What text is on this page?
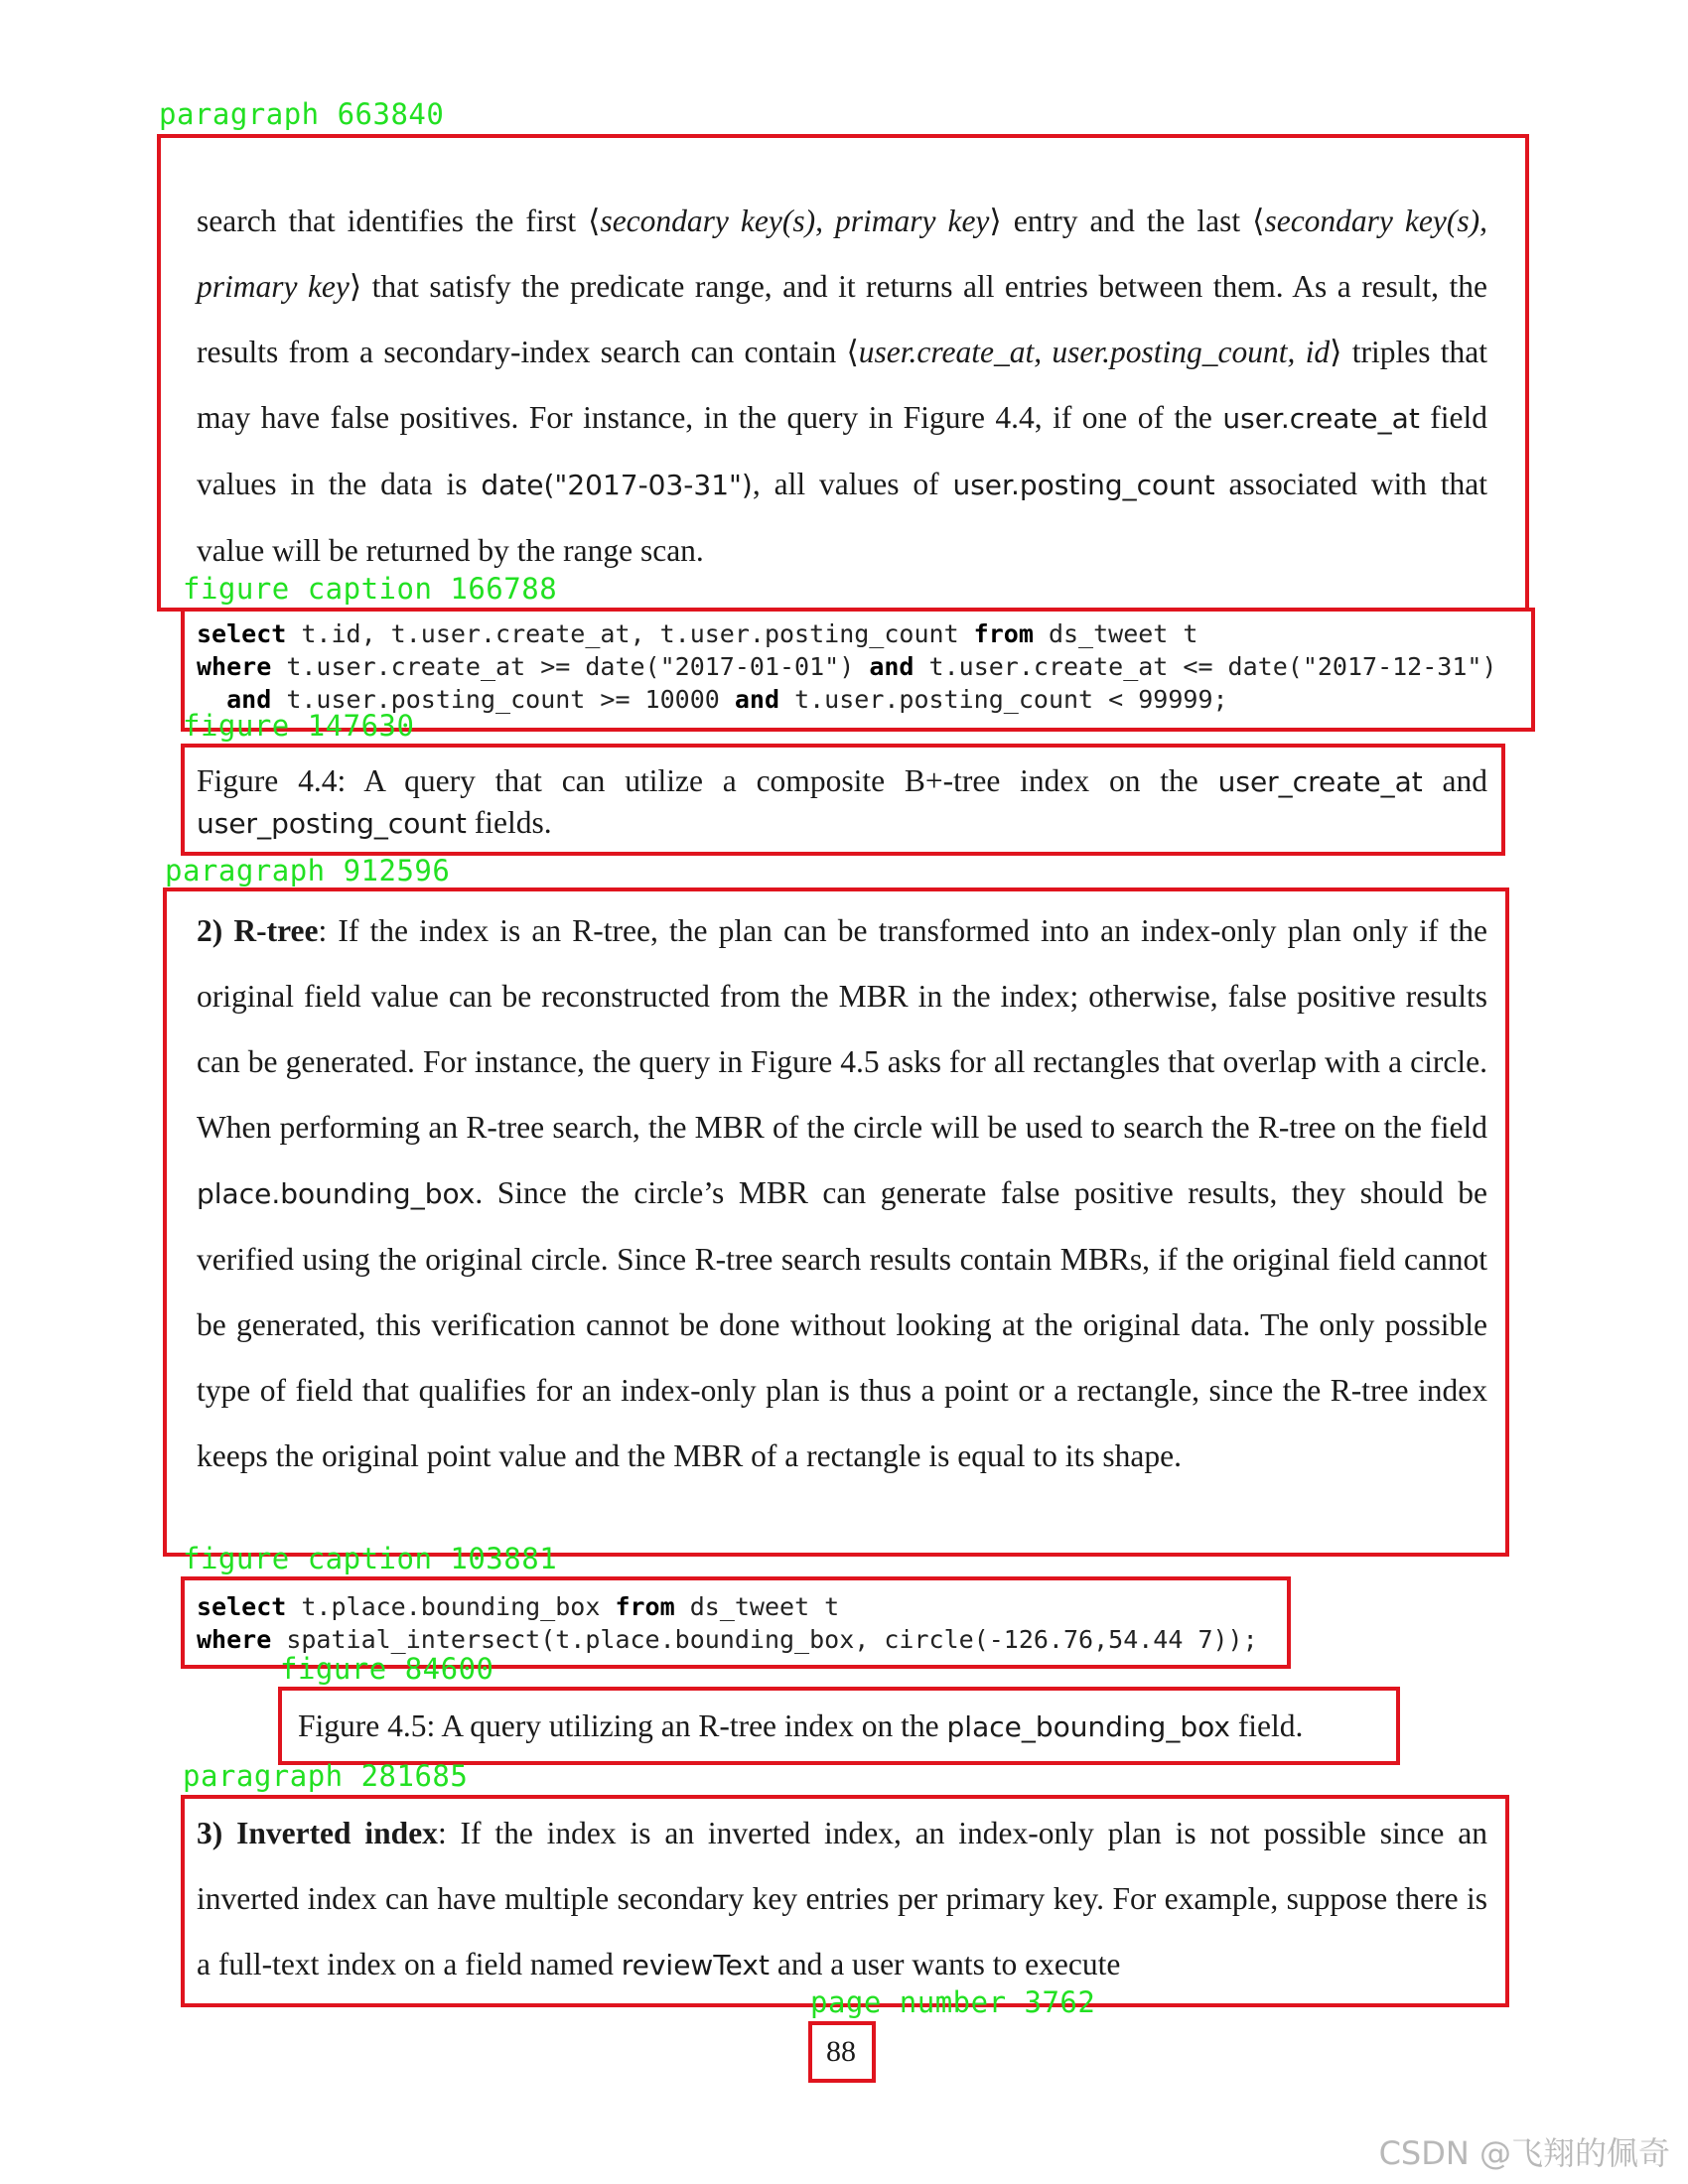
paragraph 663840

search that identifies the first ⟨secondary key(s), primary key⟩ entry and the last ⟨secondary key(s), primary key⟩ that satisfy the predicate range, and it returns all entries between them. As a result, the results from a secondary-index search can contain ⟨user.create_at, user.posting_count, id⟩ triples that may have false positives. For instance, in the query in Figure 4.4, if one of the user.create_at field values in the data is date("2017-03-31"), all values of user.posting_count associated with that value will be returned by the range scan.

figure caption 166788
select t.id, t.user.create_at, t.user.posting_count from ds_tweet t
where t.user.create_at >= date("2017-01-01") and t.user.create_at <= date("2017-12-31")
and t.user.posting_count >= 10000 and t.user.posting_count < 99999;
figure 147630

Figure 4.4: A query that can utilize a composite B+-tree index on the user_create_at and user_posting_count fields.

paragraph 912596

2) R-tree: If the index is an R-tree, the plan can be transformed into an index-only plan only if the original field value can be reconstructed from the MBR in the index; otherwise, false positive results can be generated. For instance, the query in Figure 4.5 asks for all rectangles that overlap with a circle. When performing an R-tree search, the MBR of the circle will be used to search the R-tree on the field place.bounding_box. Since the circle’s MBR can generate false positive results, they should be verified using the original circle. Since R-tree search results contain MBRs, if the original field cannot be generated, this verification cannot be done without looking at the original data. The only possible type of field that qualifies for an index-only plan is thus a point or a rectangle, since the R-tree index keeps the original point value and the MBR of a rectangle is equal to its shape.

figure caption 103881
select t.place.bounding_box from ds_tweet t
where spatial_intersect(t.place.bounding_box, circle(-126.76,54.44 7));
figure 84600

Figure 4.5: A query utilizing an R-tree index on the place_bounding_box field.

paragraph 281685

3) Inverted index: If the index is an inverted index, an index-only plan is not possible since an inverted index can have multiple secondary key entries per primary key. For example, suppose there is a full-text index on a field named reviewText and a user wants to execute

page number 3762
88
CSDN @飞翔的佩奇
